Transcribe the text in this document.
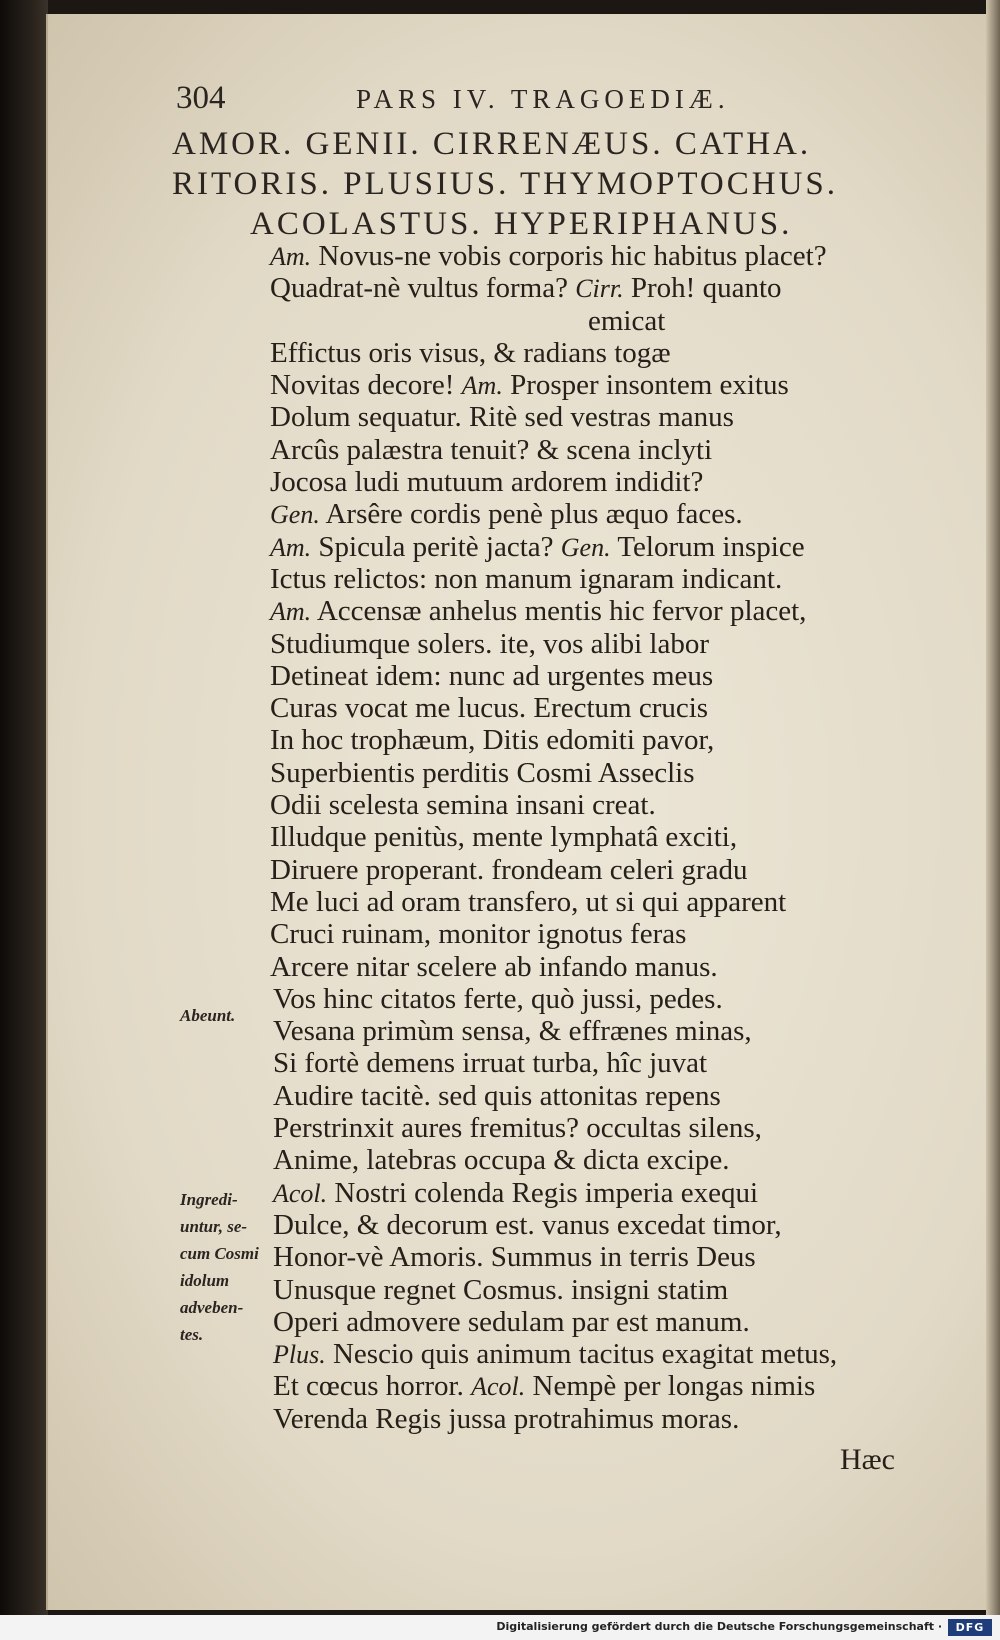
304	PARS IV. TRAGOEDIÆ.
AMOR. GENII. CIRRENÆUS. CATHA.
RITORIS. PLUSIUS. THYMOPTOCHUS.
ACOLASTUS. HYPERIPHANUS.
Am. Novus-ne vobis corporis hic habitus placet?
Quadrat-nè vultus forma? Cirr. Proh! quanto
emicat
Effictus oris visus, & radians togæ
Novitas decore! Am. Prosper insontem exitus
Dolum sequatur. Ritè sed vestras manus
Arcûs palæstra tenuit? & scena inclyti
Jocosa ludi mutuum ardorem indidit?
Gen. Arsêre cordis penè plus æquo faces.
Am. Spicula peritè jacta? Gen. Telorum inspice
Ictus relictos: non manum ignaram indicant.
Am. Accensæ anhelus mentis hic fervor placet,
Studiumque solers. ite, vos alibi labor
Detineat idem: nunc ad urgentes meus
Curas vocat me lucus. Erectum crucis
In hoc trophæum, Ditis edomiti pavor,
Superbientis perditis Cosmi Asseclis
Odii scelesta semina insani creat.
Illudque penitùs, mente lymphatâ exciti,
Diruere properant. frondeam celeri gradu
Me luci ad oram transfero, ut si qui apparent
Cruci ruinam, monitor ignotus feras
Arcere nitar scelere ab infando manus.
Vos hinc citatos ferte, quò jussi, pedes.
Vesana primùm sensa, & effrænes minas,
Si fortè demens irruat turba, hîc juvat
Audire tacitè. sed quis attonitas repens
Perstrinxit aures fremitus? occultas silens,
Anime, latebras occupa & dicta excipe.
Acol. Nostri colenda Regis imperia exequi
Dulce, & decorum est. vanus excedat timor,
Honor-vè Amoris. Summus in terris Deus
Unusque regnet Cosmus. insigni statim
Operi admovere sedulam par est manum.
Plus. Nescio quis animum tacitus exagitat metus,
Et cœcus horror. Acol. Nempè per longas nimis
Verenda Regis jussa protrahimus moras.
Abeunt.
Ingredi-
untur, se-
cum Cosmi
idolum
adveben-
tes.
Hæc
Digitalisierung gefördert durch die Deutsche Forschungsgemeinschaft ·	DFG
